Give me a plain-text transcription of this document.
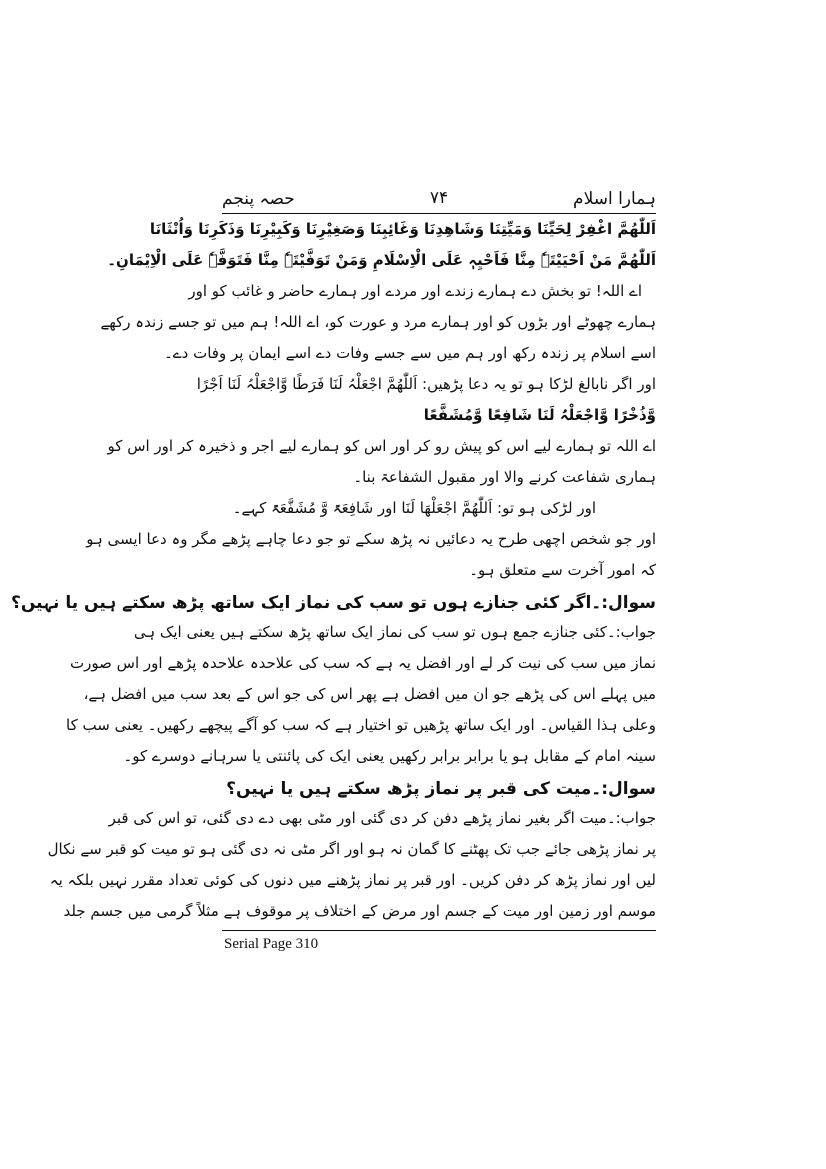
ہمارا اسلام
۷۴
حصہ پنجم
اَللّٰھُمَّ اغْفِرْ لِحَیِّنَا وَمَیِّتِنَا وَشَاھِدِنَا وَغَائِبِنَا وَصَغِیْرِنَا وَکَبِیْرِنَا وَذَکَرِنَا وَاُنْثَانَا
اَللّٰھُمَّ مَنْ اَحْیَیْتَہٗ مِنَّا فَاَحْیِہٖ عَلَی الْاِسْلَامِ وَمَنْ تَوَفَّیْتَہٗ مِنَّا فَتَوَفَّہٗ عَلَی الْاِیْمَانِ۔
اے اللہ! تو بخش دے ہمارے زندے اور مردے اور ہمارے حاضر و غائب کو اور
ہمارے چھوٹے اور بڑوں کو اور ہمارے مرد و عورت کو، اے اللہ! ہم میں تو جسے زندہ رکھے
اسے اسلام پر زندہ رکھ اور ہم میں سے جسے وفات دے اسے ایمان پر وفات دے۔
اور اگر نابالغ لڑکا ہو تو یہ دعا پڑھیں: اَللّٰھُمَّ اجْعَلْہُ لَنَا فَرَطًا وَّاجْعَلْہُ لَنَا اَجْرًا
وَّذُخْرًا وَّاجْعَلْہُ لَنَا شَافِعًا وَّمُشَفَّعًا
اے اللہ تو ہمارے لیے اس کو پیش رو کر اور اس کو ہمارے لیے اجر و ذخیرہ کر اور اس کو
ہماری شفاعت کرنے والا اور مقبول الشفاعۃ بنا۔
اور لڑکی ہو تو: اَللّٰھُمَّ اجْعَلْھَا لَنَا اور شَافِعَۃً وَّ مُشَفَّعَۃً کہے۔
اور جو شخص اچھی طرح یہ دعائیں نہ پڑھ سکے تو جو دعا چاہے پڑھے مگر وہ دعا ایسی ہو
کہ امور آخرت سے متعلق ہو۔
سوال:۔اگر کئی جنازے ہوں تو سب کی نماز ایک ساتھ پڑھ سکتے ہیں یا نہیں؟
جواب:۔کئی جنازے جمع ہوں تو سب کی نماز ایک ساتھ پڑھ سکتے ہیں یعنی ایک ہی
نماز میں سب کی نیت کر لے اور افضل یہ ہے کہ سب کی علاحدہ علاحدہ پڑھے اور اس صورت
میں پہلے اس کی پڑھے جو ان میں افضل ہے پھر اس کی جو اس کے بعد سب میں افضل ہے،
وعلی ہذا القیاس۔ اور ایک ساتھ پڑھیں تو اختیار ہے کہ سب کو آگے پیچھے رکھیں۔ یعنی سب کا
سینہ امام کے مقابل ہو یا برابر برابر رکھیں یعنی ایک کی پائنتی یا سرہانے دوسرے کو۔
سوال:۔میت کی قبر پر نماز پڑھ سکتے ہیں یا نہیں؟
جواب:۔میت اگر بغیر نماز پڑھے دفن کر دی گئی اور مٹی بھی دے دی گئی، تو اس کی قبر
پر نماز پڑھی جائے جب تک پھٹنے کا گمان نہ ہو اور اگر مٹی نہ دی گئی ہو تو میت کو قبر سے نکال
لیں اور نماز پڑھ کر دفن کریں۔ اور قبر پر نماز پڑھنے میں دنوں کی کوئی تعداد مقرر نہیں بلکہ یہ
Serial Page 310
موسم اور زمین اور میت کے جسم اور مرض کے اختلاف پر موقوف ہے مثلاً گرمی میں جسم جلد
